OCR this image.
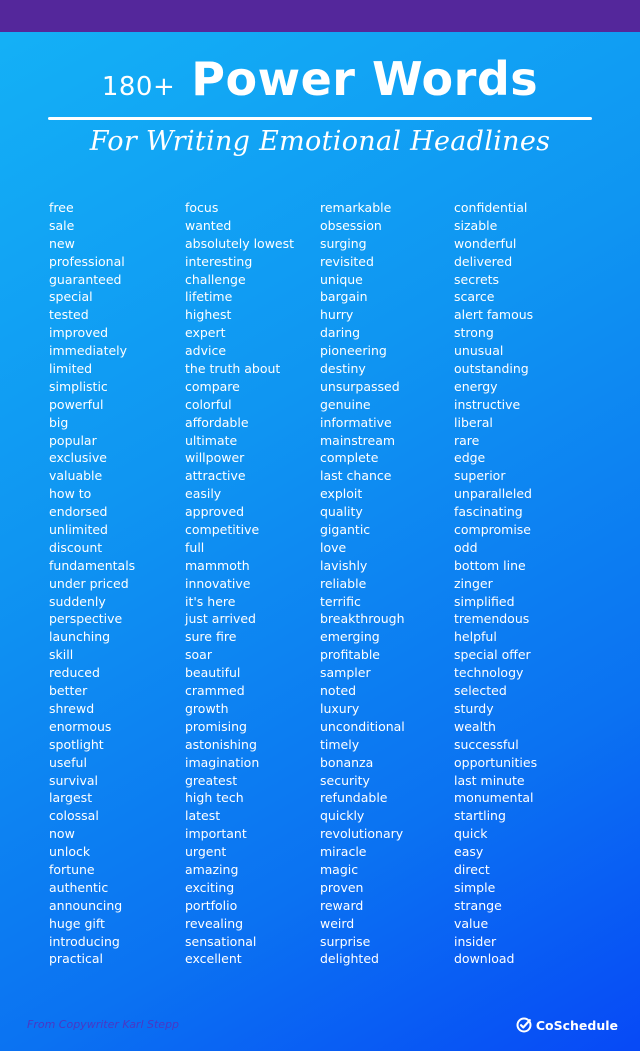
180+ Power Words
For Writing Emotional Headlines
free
sale
new
professional
guaranteed
special
tested
improved
immediately
limited
simplistic
powerful
big
popular
exclusive
valuable
how to
endorsed
unlimited
discount
fundamentals
under priced
suddenly
perspective
launching
skill
reduced
better
shrewd
enormous
spotlight
useful
survival
largest
colossal
now
unlock
fortune
authentic
announcing
huge gift
introducing
practical
focus
wanted
absolutely lowest
interesting
challenge
lifetime
highest
expert
advice
the truth about
compare
colorful
affordable
ultimate
willpower
attractive
easily
approved
competitive
full
mammoth
innovative
it's here
just arrived
sure fire
soar
beautiful
crammed
growth
promising
astonishing
imagination
greatest
high tech
latest
important
urgent
amazing
exciting
portfolio
revealing
sensational
excellent
remarkable
obsession
surging
revisited
unique
bargain
hurry
daring
pioneering
destiny
unsurpassed
genuine
informative
mainstream
complete
last chance
exploit
quality
gigantic
love
lavishly
reliable
terrific
breakthrough
emerging
profitable
sampler
noted
luxury
unconditional
timely
bonanza
security
refundable
quickly
revolutionary
miracle
magic
proven
reward
weird
surprise
delighted
confidential
sizable
wonderful
delivered
secrets
scarce
alert famous
strong
unusual
outstanding
energy
instructive
liberal
rare
edge
superior
unparalleled
fascinating
compromise
odd
bottom line
zinger
simplified
tremendous
helpful
special offer
technology
selected
sturdy
wealth
successful
opportunities
last minute
monumental
startling
quick
easy
direct
simple
strange
value
insider
download
From Copywriter Karl Stepp	CoSchedule
